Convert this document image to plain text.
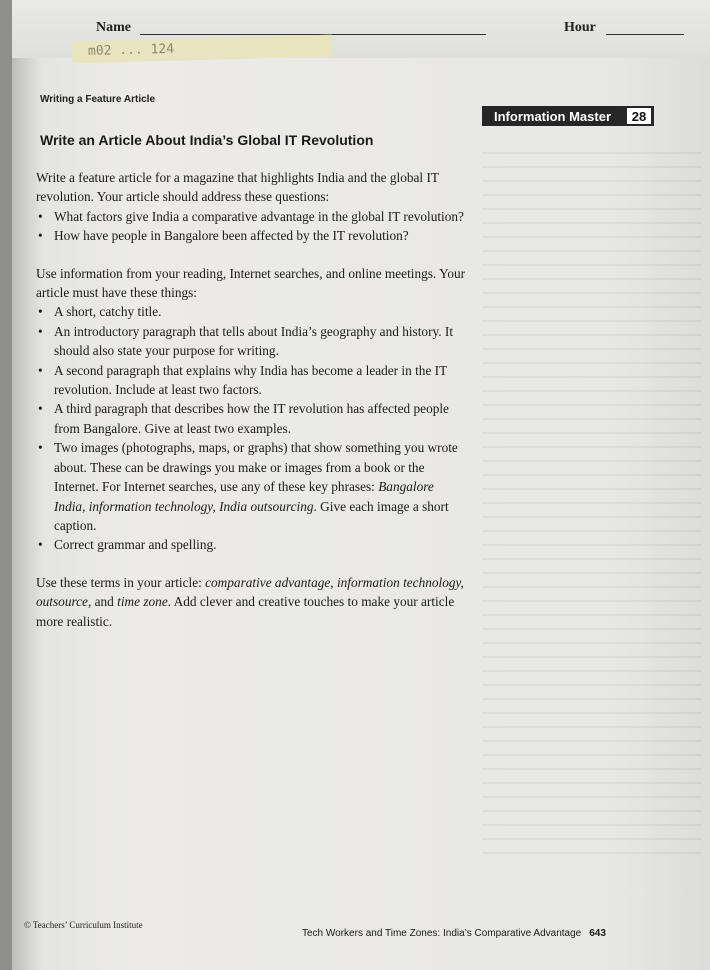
Name	Hour
m02 ... 124
Writing a Feature Article
Information Master	28
Write an Article About India’s Global IT Revolution

Write a feature article for a magazine that highlights India and the global IT revolution. Your article should address these questions:

• What factors give India a comparative advantage in the global IT revolution?
• How have people in Bangalore been affected by the IT revolution?

Use information from your reading, Internet searches, and online meetings. Your article must have these things:

• A short, catchy title.
• An introductory paragraph that tells about India’s geography and history. It should also state your purpose for writing.
• A second paragraph that explains why India has become a leader in the IT revolution. Include at least two factors.
• A third paragraph that describes how the IT revolution has affected people from Bangalore. Give at least two examples.
• Two images (photographs, maps, or graphs) that show something you wrote about. These can be drawings you make or images from a book or the Internet. For Internet searches, use any of these key phrases: Bangalore India, information technology, India outsourcing. Give each image a short caption.
• Correct grammar and spelling.

Use these terms in your article: comparative advantage, information technology, outsource, and time zone. Add clever and creative touches to make your article more realistic.

© Teachers’ Curriculum Institute
Tech Workers and Time Zones: India’s Comparative Advantage 643
